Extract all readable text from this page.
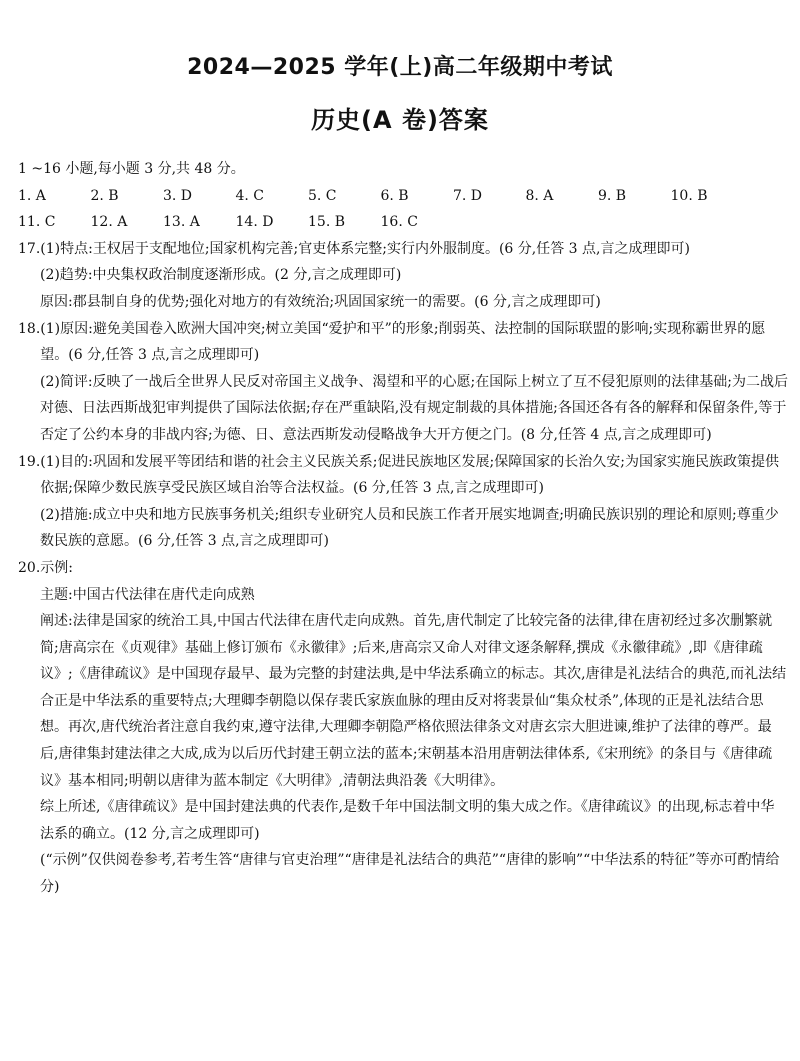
2024—2025 学年(上)高二年级期中考试
历史(A 卷)答案
1 ~16 小题,每小题 3 分,共 48 分。
1. A	2. B	3. D	4. C	5. C	6. B	7. D	8. A	9. B	10. B
11. C	12. A	13. A	14. D	15. B	16. C
17. (1)特点:王权居于支配地位;国家机构完善;官吏体系完整;实行内外服制度。(6 分,任答 3 点,言之成理即可)
(2)趋势:中央集权政治制度逐渐形成。(2 分,言之成理即可)
原因:郡县制自身的优势;强化对地方的有效统治;巩固国家统一的需要。(6 分,言之成理即可)
18. (1)原因:避免美国卷入欧洲大国冲突;树立美国“爱护和平”的形象;削弱英、法控制的国际联盟的影响;实现称霸世界的愿望。(6 分,任答 3 点,言之成理即可)
(2)简评:反映了一战后全世界人民反对帝国主义战争、渴望和平的心愿;在国际上树立了互不侵犯原则的法律基础;为二战后对德、日法西斯战犯审判提供了国际法依据;存在严重缺陷,没有规定制裁的具体措施;各国还各有各的解释和保留条件,等于否定了公约本身的非战内容;为德、日、意法西斯发动侵略战争大开方便之门。(8 分,任答 4 点,言之成理即可)
19. (1)目的:巩固和发展平等团结和谐的社会主义民族关系;促进民族地区发展;保障国家的长治久安;为国家实施民族政策提供依据;保障少数民族享受民族区域自治等合法权益。(6 分,任答 3 点,言之成理即可)
(2)措施:成立中央和地方民族事务机关;组织专业研究人员和民族工作者开展实地调查;明确民族识别的理论和原则;尊重少数民族的意愿。(6 分,任答 3 点,言之成理即可)
20. 示例:
主题:中国古代法律在唐代走向成熟
阐述:法律是国家的统治工具,中国古代法律在唐代走向成熟。首先,唐代制定了比较完备的法律,律在唐初经过多次删繁就简;唐高宗在《贞观律》基础上修订颁布《永徽律》;后来,唐高宗又命人对律文逐条解释,撰成《永徽律疏》,即《唐律疏议》;《唐律疏议》是中国现存最早、最为完整的封建法典,是中华法系确立的标志。其次,唐律是礼法结合的典范,而礼法结合正是中华法系的重要特点;大理卿李朝隐以保存裴氏家族血脉的理由反对将裴景仙“集众杖杀”,体现的正是礼法结合思想。再次,唐代统治者注意自我约束,遵守法律,大理卿李朝隐严格依照法律条文对唐玄宗大胆进谏,维护了法律的尊严。最后,唐律集封建法律之大成,成为以后历代封建王朝立法的蓝本;宋朝基本沿用唐朝法律体系,《宋刑统》的条目与《唐律疏议》基本相同;明朝以唐律为蓝本制定《大明律》,清朝法典沿袭《大明律》。
综上所述,《唐律疏议》是中国封建法典的代表作,是数千年中国法制文明的集大成之作。《唐律疏议》的出现,标志着中华法系的确立。(12 分,言之成理即可)
(“示例”仅供阅卷参考,若考生答“唐律与官吏治理”“唐律是礼法结合的典范”“唐律的影响”“中华法系的特征”等亦可酌情给分)
